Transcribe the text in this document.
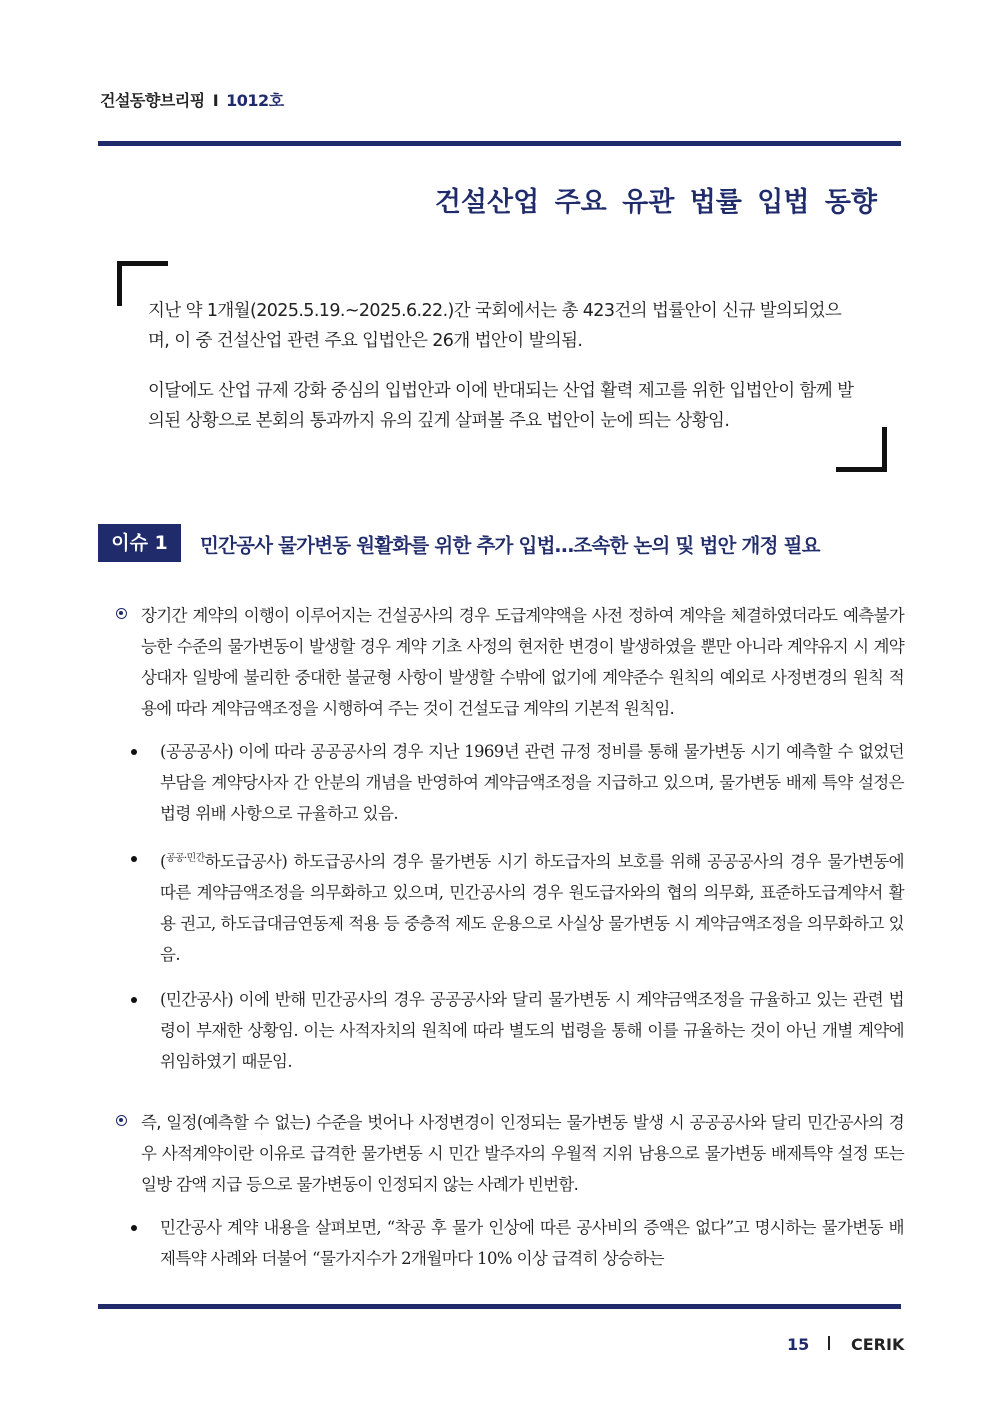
건설동향브리핑 I 1012호
건설산업 주요 유관 법률 입법 동향

지난 약 1개월(2025.5.19.~2025.6.22.)간 국회에서는 총 423건의 법률안이 신규 발의되었으며, 이 중 건설산업 관련 주요 입법안은 26개 법안이 발의됨.

이달에도 산업 규제 강화 중심의 입법안과 이에 반대되는 산업 활력 제고를 위한 입법안이 함께 발의된 상황으로 본회의 통과까지 유의 깊게 살펴볼 주요 법안이 눈에 띄는 상황임.

이슈 1	민간공사 물가변동 원활화를 위한 추가 입법…조속한 논의 및 법안 개정 필요
장기간 계약의 이행이 이루어지는 건설공사의 경우 도급계약액을 사전 정하여 계약을 체결하였더라도 예측불가능한 수준의 물가변동이 발생할 경우 계약 기초 사정의 현저한 변경이 발생하였을 뿐만 아니라 계약유지 시 계약상대자 일방에 불리한 중대한 불균형 사항이 발생할 수밖에 없기에 계약준수 원칙의 예외로 사정변경의 원칙 적용에 따라 계약금액조정을 시행하여 주는 것이 건설도급 계약의 기본적 원칙임.
(공공공사) 이에 따라 공공공사의 경우 지난 1969년 관련 규정 정비를 통해 물가변동 시기 예측할 수 없었던 부담을 계약당사자 간 안분의 개념을 반영하여 계약금액조정을 지급하고 있으며, 물가변동 배제 특약 설정은 법령 위배 사항으로 규율하고 있음.
($^{공공\cdot 민간}$하도급공사) 하도급공사의 경우 물가변동 시기 하도급자의 보호를 위해 공공공사의 경우 물가변동에 따른 계약금액조정을 의무화하고 있으며, 민간공사의 경우 원도급자와의 협의 의무화, 표준하도급계약서 활용 권고, 하도급대금연동제 적용 등 중층적 제도 운용으로 사실상 물가변동 시 계약금액조정을 의무화하고 있음.
(민간공사) 이에 반해 민간공사의 경우 공공공사와 달리 물가변동 시 계약금액조정을 규율하고 있는 관련 법령이 부재한 상황임. 이는 사적자치의 원칙에 따라 별도의 법령을 통해 이를 규율하는 것이 아닌 개별 계약에 위임하였기 때문임.
즉, 일정(예측할 수 없는) 수준을 벗어나 사정변경이 인정되는 물가변동 발생 시 공공공사와 달리 민간공사의 경우 사적계약이란 이유로 급격한 물가변동 시 민간 발주자의 우월적 지위 남용으로 물가변동 배제특약 설정 또는 일방 감액 지급 등으로 물가변동이 인정되지 않는 사례가 빈번함.
민간공사 계약 내용을 살펴보면, “착공 후 물가 인상에 따른 공사비의 증액은 없다”고 명시하는 물가변동 배제특약 사례와 더불어 “물가지수가 2개월마다 10% 이상 급격히 상승하는
15	CERIK
